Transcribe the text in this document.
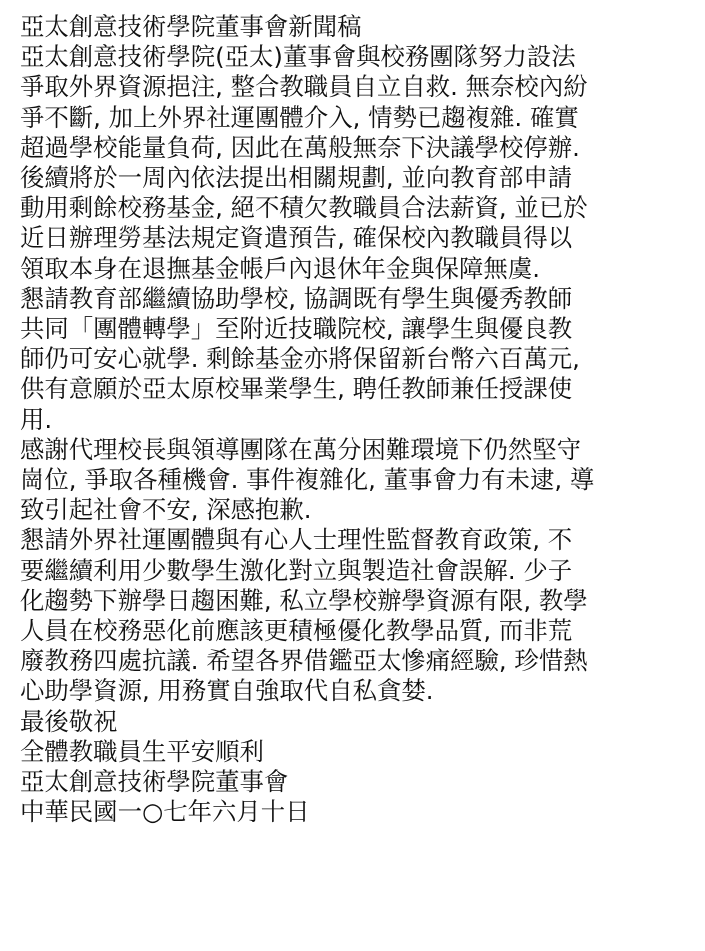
亞太創意技術學院董事會新聞稿
亞太創意技術學院(亞太)董事會與校務團隊努力設法
爭取外界資源挹注, 整合教職員自立自救. 無奈校內紛
爭不斷, 加上外界社運團體介入, 情勢已趨複雜. 確實
超過學校能量負荷, 因此在萬般無奈下決議學校停辦.
後續將於一周內依法提出相關規劃, 並向教育部申請
動用剩餘校務基金, 絕不積欠教職員合法薪資, 並已於
近日辦理勞基法規定資遣預告, 確保校內教職員得以
領取本身在退撫基金帳戶內退休年金與保障無虞.
懇請教育部繼續協助學校, 協調既有學生與優秀教師
共同「團體轉學」至附近技職院校, 讓學生與優良教
師仍可安心就學. 剩餘基金亦將保留新台幣六百萬元,
供有意願於亞太原校畢業學生, 聘任教師兼任授課使
用.
感謝代理校長與領導團隊在萬分困難環境下仍然堅守
崗位, 爭取各種機會. 事件複雜化, 董事會力有未逮, 導
致引起社會不安, 深感抱歉.
懇請外界社運團體與有心人士理性監督教育政策, 不
要繼續利用少數學生激化對立與製造社會誤解. 少子
化趨勢下辦學日趨困難, 私立學校辦學資源有限, 教學
人員在校務惡化前應該更積極優化教學品質, 而非荒
廢教務四處抗議. 希望各界借鑑亞太慘痛經驗, 珍惜熱
心助學資源, 用務實自強取代自私貪婪.
最後敬祝
全體教職員生平安順利
亞太創意技術學院董事會
中華民國一○七年六月十日
